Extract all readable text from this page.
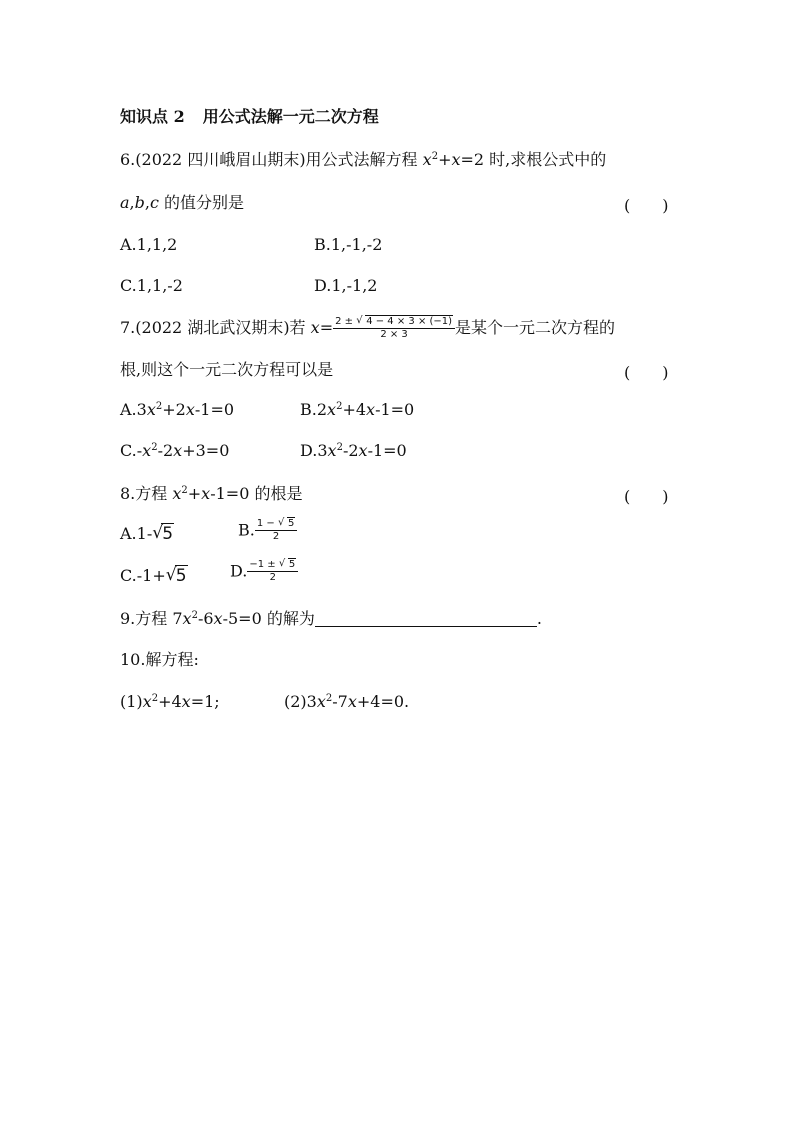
知识点 2 用公式法解一元二次方程
6.(2022 四川峨眉山期末)用公式法解方程 $x^2+x=2$ 时,求根公式中的
a,b,c 的值分别是	(　　)
A.1,1,2	B.1,-1,-2
C.1,1,-2	D.1,-1,2
7.(2022 湖北武汉期末)若 $x= \frac{2 \pm √ 4 - 4 \times 3 \times (-1)}{2 \times 3}$ 是某个一元二次方程的
根,则这个一元二次方程可以是	(　　)
$A.3x^2+2x-1=0$	$B.2x^2+4x-1=0$
$C.-x^2-2x+3=0$	$D.3x^2-2x-1=0$
8.方程 $x^2+x-1=0$ 的根是	(　　)
A.1- √ 5	B. $\frac{1 - √ 5}{2}$
C.-1+ √ 5	D. $\frac{-1 \pm √ 5}{2}$
9.方程 $7x^2-6x-5=0$ 的解为	.
10.解方程:
$(1)x^2+4x=1$;	$(2)3x^2-7x+4=0$.
